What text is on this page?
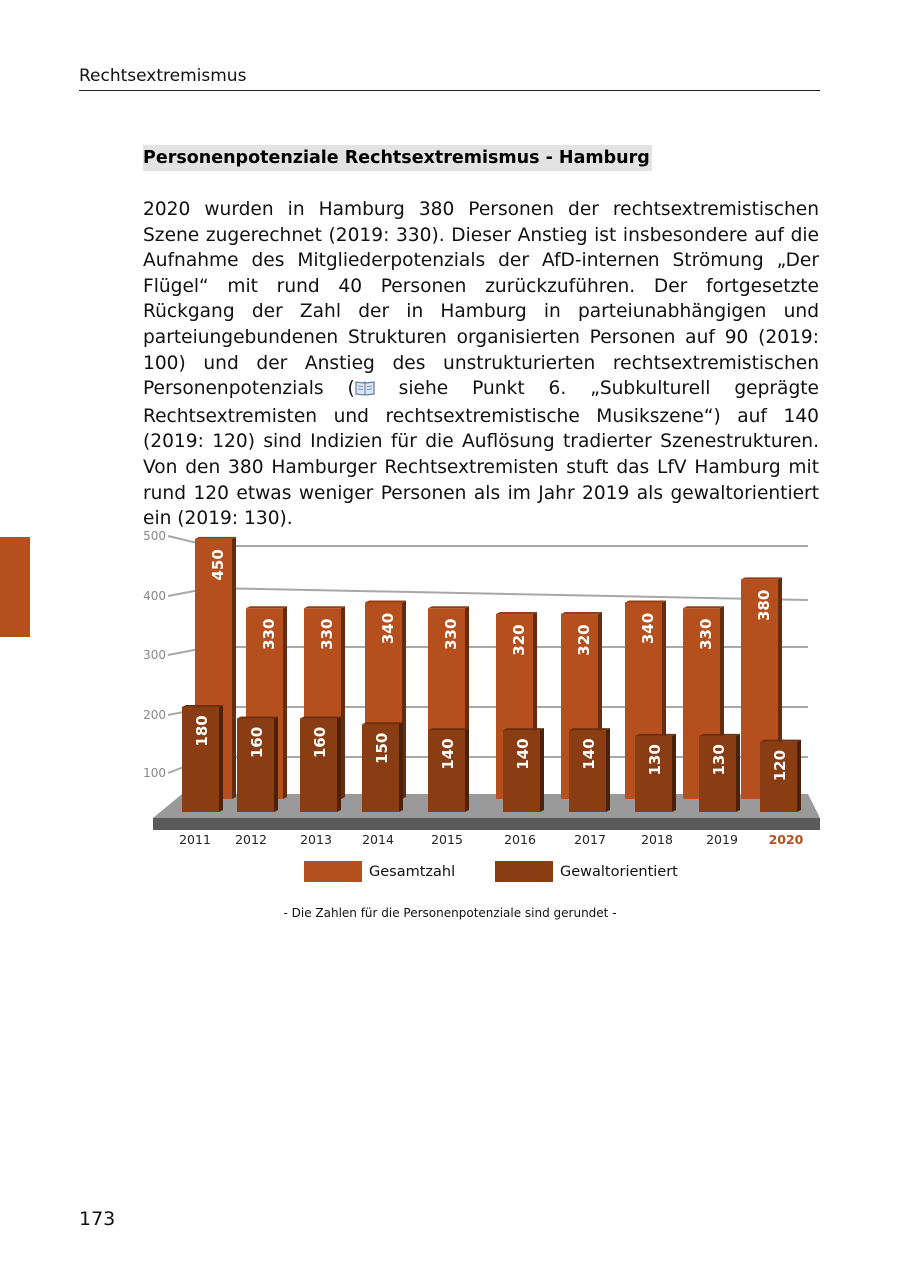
Rechtsextremismus
Personenpotenziale Rechtsextremismus - Hamburg
2020 wurden in Hamburg 380 Personen der rechtsextremistischen Szene zugerechnet (2019: 330). Dieser Anstieg ist insbesondere auf die Aufnahme des Mitgliederpotenzials der AfD-internen Strömung „Der Flügel“ mit rund 40 Personen zurückzuführen. Der fortgesetzte Rückgang der Zahl der in Hamburg in parteiunabhängigen und parteiungebundenen Strukturen organisierten Personen auf 90 (2019: 100) und der Anstieg des unstrukturierten rechtsextremistischen Personenpotenzials ( siehe Punkt 6. „Subkulturell geprägte Rechtsextremisten und rechtsextremistische Musikszene“) auf 140 (2019: 120) sind Indizien für die Auflösung tradierter Szenestrukturen. Von den 380 Hamburger Rechtsextremisten stuft das LfV Hamburg mit rund 120 etwas weniger Personen als im Jahr 2019 als gewaltorientiert ein (2019: 130).
100
200
300
400
500
450
330	330	340	330	320	320	340	330
380
180 160	160	150	140	140	140	130	130	120
2011 2012	2013 2014	2015	2016	2017	2018	2019 2020
Gesamtzahl	Gewaltorientiert
- Die Zahlen für die Personenpotenziale sind gerundet -
173
